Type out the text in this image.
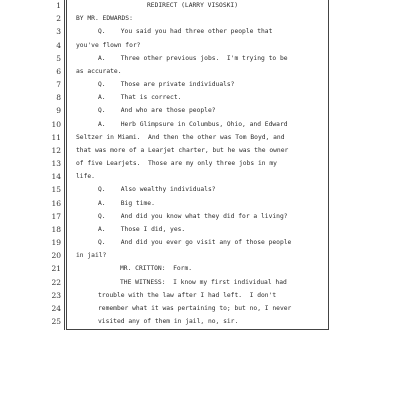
1	REDIRECT (LARRY VISOSKI)
2 BY MR. EDWARDS:
3	Q.    You said you had three other people that
4 you've flown for?
5	A.    Three other previous jobs.  I'm trying to be
6 as accurate.
7	Q.    Those are private individuals?
8	A.    That is correct.
9	Q.    And who are those people?
10	A.    Herb Glimpsure in Columbus, Ohio, and Edward
11 Seltzer in Miami.  And then the other was Tom Boyd, and
12 that was more of a Learjet charter, but he was the owner
13 of five Learjets.  Those are my only three jobs in my
14 life.
15	Q.    Also wealthy individuals?
16	A.    Big time.
17	Q.    And did you know what they did for a living?
18	A.    Those I did, yes.
19	Q.    And did you ever go visit any of those people
20 in jail?
21	MR. CRITTON:  Form.
22	THE WITNESS:  I know my first individual had
23	trouble with the law after I had left.  I don't
24	remember what it was pertaining to; but no, I never
25	visited any of them in jail, no, sir.
